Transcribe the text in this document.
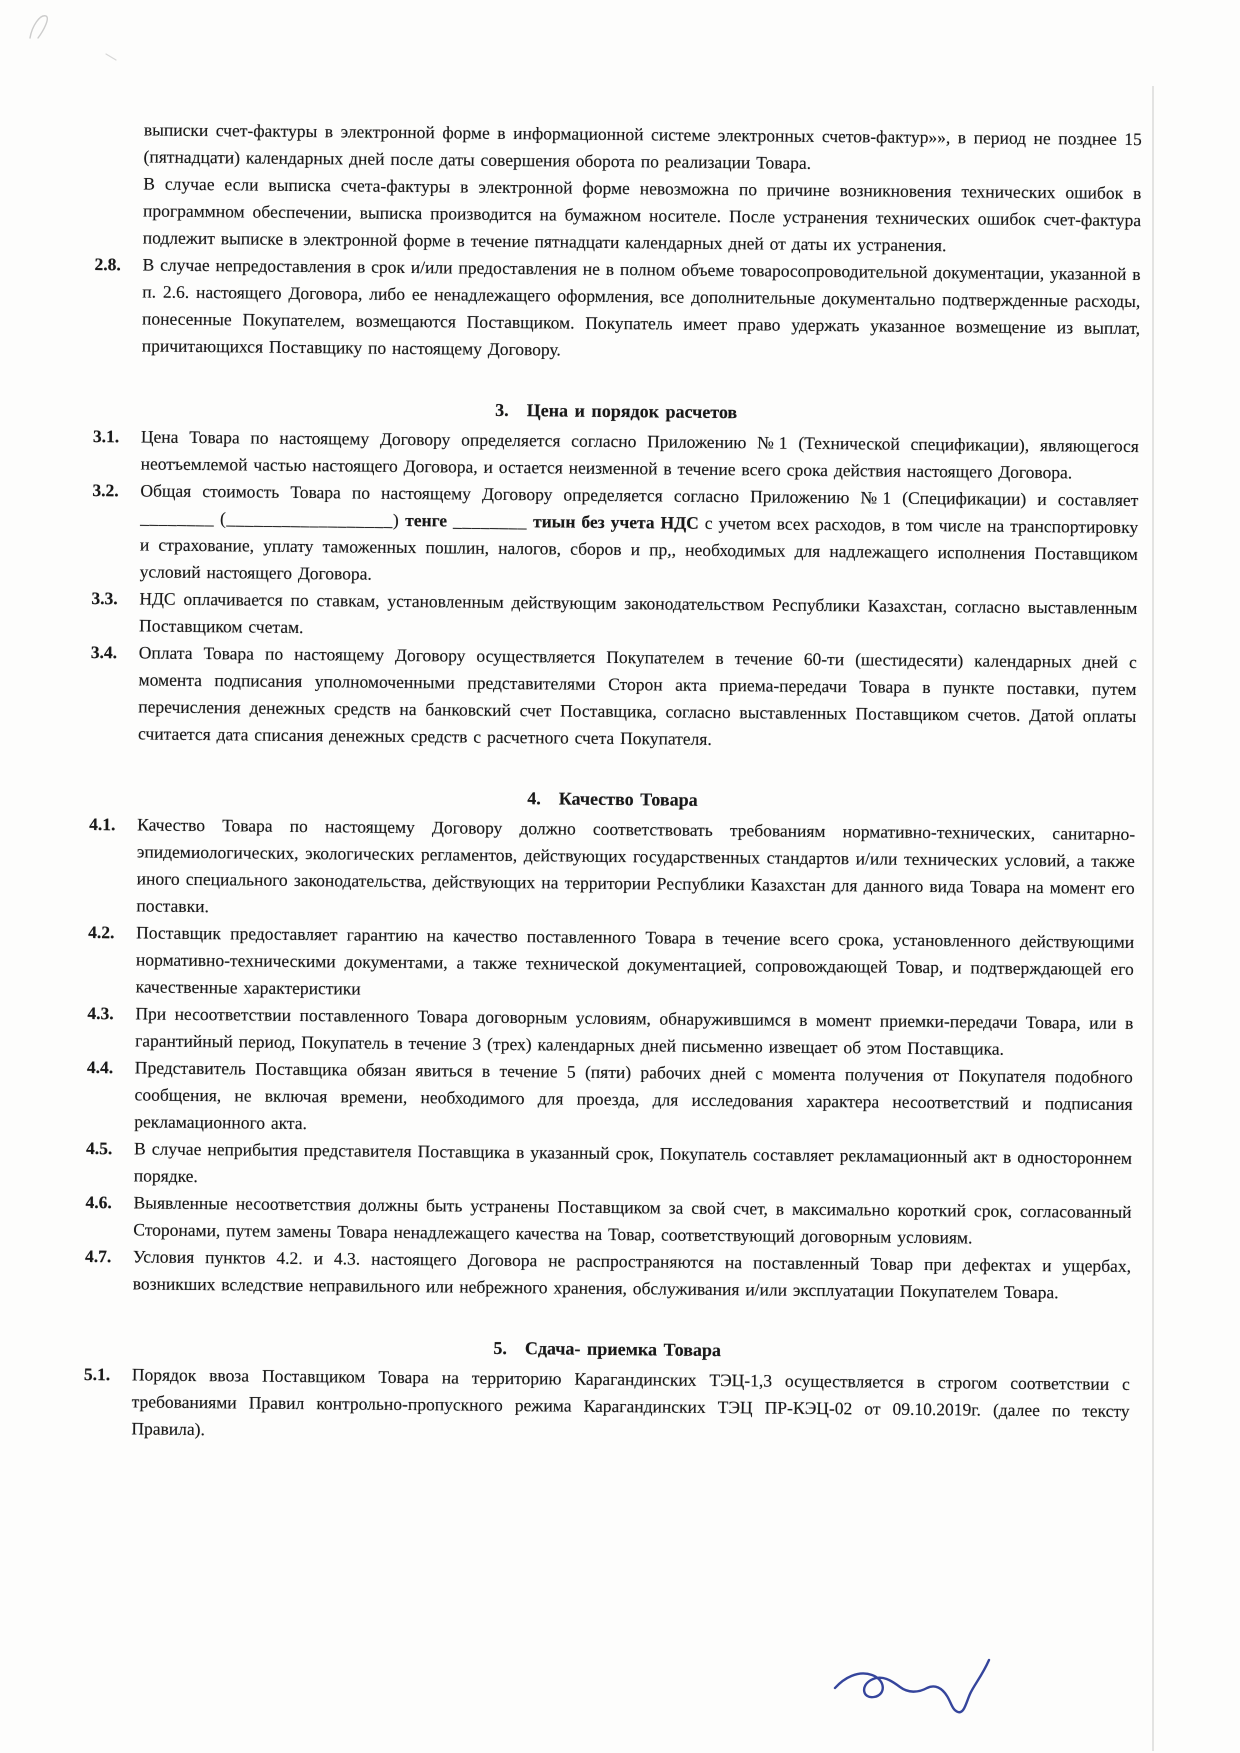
выписки счет-фактуры в электронной форме в информационной системе электронных счетов-фактур»», в период не позднее 15 (пятнадцати) календарных дней после даты совершения оборота по реализации Товара.

В случае если выписка счета-фактуры в электронной форме невозможна по причине возникновения технических ошибок в программном обеспечении, выписка производится на бумажном носителе. После устранения технических ошибок счет-фактура подлежит выписке в электронной форме в течение пятнадцати календарных дней от даты их устранения.

2.8. В случае непредоставления в срок и/или предоставления не в полном объеме товаросопроводительной документации, указанной в п. 2.6. настоящего Договора, либо ее ненадлежащего оформления, все дополнительные документально подтвержденные расходы, понесенные Покупателем, возмещаются Поставщиком. Покупатель имеет право удержать указанное возмещение из выплат, причитающихся Поставщику по настоящему Договору.
3. Цена и порядок расчетов
3.1. Цена Товара по настоящему Договору определяется согласно Приложению №1 (Технической спецификации), являющегося неотъемлемой частью настоящего Договора, и остается неизменной в течение всего срока действия настоящего Договора.
3.2. Общая стоимость Товара по настоящему Договору определяется согласно Приложению №1 (Спецификации) и составляет ________ (__________________) тенге ________ тиын без учета НДС с учетом всех расходов, в том числе на транспортировку и страхование, уплату таможенных пошлин, налогов, сборов и пр,, необходимых для надлежащего исполнения Поставщиком условий настоящего Договора.
3.3. НДС оплачивается по ставкам, установленным действующим законодательством Республики Казахстан, согласно выставленным Поставщиком счетам.
3.4. Оплата Товара по настоящему Договору осуществляется Покупателем в течение 60-ти (шестидесяти) календарных дней с момента подписания уполномоченными представителями Сторон акта приема-передачи Товара в пункте поставки, путем перечисления денежных средств на банковский счет Поставщика, согласно выставленных Поставщиком счетов. Датой оплаты считается дата списания денежных средств с расчетного счета Покупателя.
4. Качество Товара
4.1. Качество Товара по настоящему Договору должно соответствовать требованиям нормативно-технических, санитарно-эпидемиологических, экологических регламентов, действующих государственных стандартов и/или технических условий, а также иного специального законодательства, действующих на территории Республики Казахстан для данного вида Товара на момент его поставки.
4.2. Поставщик предоставляет гарантию на качество поставленного Товара в течение всего срока, установленного действующими нормативно-техническими документами, а также технической документацией, сопровождающей Товар, и подтверждающей его качественные характеристики
4.3. При несоответствии поставленного Товара договорным условиям, обнаружившимся в момент приемки-передачи Товара, или в гарантийный период, Покупатель в течение 3 (трех) календарных дней письменно извещает об этом Поставщика.
4.4. Представитель Поставщика обязан явиться в течение 5 (пяти) рабочих дней с момента получения от Покупателя подобного сообщения, не включая времени, необходимого для проезда, для исследования характера несоответствий и подписания рекламационного акта.
4.5. В случае неприбытия представителя Поставщика в указанный срок, Покупатель составляет рекламационный акт в одностороннем порядке.
4.6. Выявленные несоответствия должны быть устранены Поставщиком за свой счет, в максимально короткий срок, согласованный Сторонами, путем замены Товара ненадлежащего качества на Товар, соответствующий договорным условиям.
4.7. Условия пунктов 4.2. и 4.3. настоящего Договора не распространяются на поставленный Товар при дефектах и ущербах, возникших вследствие неправильного или небрежного хранения, обслуживания и/или эксплуатации Покупателем Товара.
5. Сдача- приемка Товара
5.1. Порядок ввоза Поставщиком Товара на территорию Карагандинских ТЭЦ-1,3 осуществляется в строгом соответствии с требованиями Правил контрольно-пропускного режима Карагандинских ТЭЦ ПР-КЭЦ-02 от 09.10.2019г. (далее по тексту Правила).
